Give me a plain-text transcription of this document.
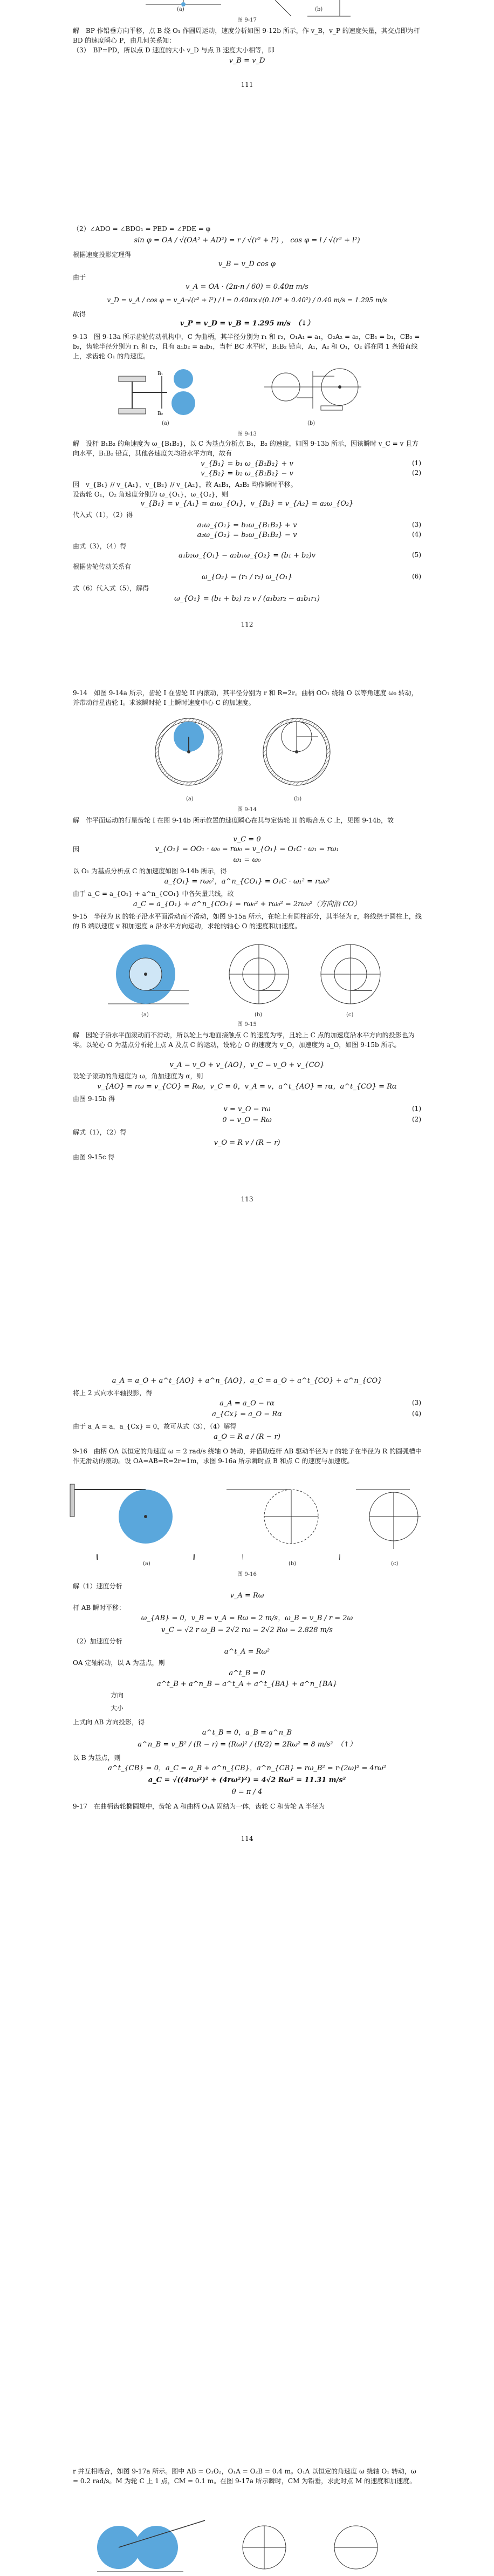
(a)	(b)
图 9-17
解　BP 作铅垂方向平移，点 B 绕 O₁ 作圆周运动，速度分析如图 9-12b 所示，作 v_B，v_P 的速度矢量，其交点即为杆 BD 的速度瞬心 P，由几何关系知：
（3）　BP=PD，所以点 D 速度的大小 v_D 与点 B 速度大小相等，即
v_B = v_D
111
（2）∠ADO = ∠BDO₁ = PED = ∠PDE = φ
sin φ = OA / √(OA² + AD²) = r / √(r² + l²) ， cos φ = l / √(r² + l²)
根据速度投影定理得
v_B = v_D cos φ
由于
v_A = OA · (2π·n / 60) = 0.40π m/s
v_D = v_A / cos φ = v_A·√(r² + l²) / l = 0.40π×√(0.10² + 0.40²) / 0.40 m/s = 1.295 m/s
故得
v_P = v_D = v_B = 1.295 m/s　（↓）
9-13　图 9-13a 所示齿轮传动机构中，C 为曲柄，其半径分别为 r₁ 和 r₂，O₁A₁ = a₁，O₂A₂ = a₂，CB₁ = b₁，CB₂ = b₂，齿轮半径分别为 r₁ 和 r₂，且有 a₁b₂ = a₂b₁，当杆 BC 水平时，B₁B₂ 铅直，A₁，A₂ 和 O₁，O₂ 都在同 1 条铅直线上，求齿轮 O₁ 的角速度。
B₁
B₂
(a)	(b)
图 9-13
解　设杆 B₁B₂ 的角速度为 ω_{B₁B₂}，以 C 为基点分析点 B₁，B₂ 的速度，如图 9-13b 所示，因该瞬时 v_C = v 且方向水平，B₁B₂ 铅直，其他各速度矢均沿水平方向，故有
v_{B₁} = b₁ ω_{B₁B₂} + v	(1)
v_{B₂} = b₂ ω_{B₁B₂} − v	(2)
因　v_{B₁} // v_{A₁}，v_{B₂} // v_{A₂}，故 A₁B₁，A₂B₂ 均作瞬时平移。
设齿轮 O₁，O₂ 角速度分别为 ω_{O₁}，ω_{O₂}，则
v_{B₁} = v_{A₁} = a₁ω_{O₁}，v_{B₂} = v_{A₂} = a₂ω_{O₂}
代入式（1），（2）得
a₁ω_{O₁} = b₁ω_{B₁B₂} + v	(3)
a₂ω_{O₂} = b₂ω_{B₁B₂} − v	(4)
由式（3），（4）得
a₁b₂ω_{O₁} − a₂b₁ω_{O₂} = (b₁ + b₂)v	(5)
根据齿轮传动关系有
ω_{O₂} = (r₁ / r₂) ω_{O₁}	(6)
式（6）代入式（5），解得
ω_{O₁} = (b₁ + b₂) r₂ v / (a₁b₂r₂ − a₂b₁r₁)
112
9-14　如图 9-14a 所示，齿轮 I 在齿轮 II 内滚动，其半径分别为 r 和 R=2r。曲柄 OO₁ 绕轴 O 以等角速度 ω₀ 转动，并带动行星齿轮 I。求该瞬时轮 I 上瞬时速度中心 C 的加速度。
(a)	(b)
图 9-14
解　作平面运动的行星齿轮 I 在图 9-14b 所示位置的速度瞬心在其与定齿轮 II 的啮合点 C 上，见图 9-14b，故
v_C = 0
因	v_{O₁} = OO₁ · ω₀ = rω₀ = v_{O₁} = O₁C · ω₁ = rω₁
ω₁ = ω₀
以 O₁ 为基点分析点 C 的加速度如图 9-14b 所示，得
a_{O₁} = rω₀²，a^n_{CO₁} = O₁C · ω₁² = rω₀²
由于 a_C = a_{O₁} + a^n_{CO₁} 中各矢量共线，故
a_C = a_{O₁} + a^n_{CO₁} = rω₀² + rω₀² = 2rω₀²（方向沿 CO）
9-15　半径为 R 的轮子沿水平面滑动而不滑动，如图 9-15a 所示，在轮上有圆柱部分，其半径为 r，将线绕于圆柱上，线的 B 端以速度 v 和加速度 a 沿水平方向运动，求轮的轴心 O 的速度和加速度。
(a)	(b)	(c)
图 9-15
解　因轮子沿水平面滚动而不滑动，所以轮上与地面接触点 C 的速度为零，且轮上 C 点的加速度沿水平方向的投影也为零。以轮心 O 为基点分析轮上点 A 及点 C 的运动，设轮心 O 的速度为 v_O，加速度为 a_O，如图 9-15b 所示。
v_A = v_O + v_{AO}，v_C = v_O + v_{CO}
设轮子滚动的角速度为 ω，角加速度为 α，则
v_{AO} = rω = v_{CO} = Rω，v_C = 0，v_A = v，a^t_{AO} = rα，a^t_{CO} = Rα
由图 9-15b 得
v = v_O − rω	(1)
0 = v_O − Rω	(2)
解式（1），（2）得
v_O = R v / (R − r)
由图 9-15c 得
113
a_A = a_O + a^t_{AO} + a^n_{AO}，a_C = a_O + a^t_{CO} + a^n_{CO}
将上 2 式向水平轴投影，得
a_A = a_O − rα	(3)
a_{Cx} = a_O − Rα	(4)
由于 a_A = a，a_{Cx} = 0，故可从式（3），（4）解得
a_O = R a / (R − r)
9-16　曲柄 OA 以恒定的角速度 ω = 2 rad/s 绕轴 O 转动，并借助连杆 AB 驱动半径为 r 的轮子在半径为 R 的圆弧槽中作无滑动的滚动。设 OA=AB=R=2r=1m，求图 9-16a 所示瞬时点 B 和点 C 的速度与加速度。
(a)	(b)	(c)
图 9-16
解（1）速度分析
v_A = Rω
杆 AB 瞬时平移：
ω_{AB} = 0，v_B = v_A = Rω = 2 m/s，ω_B = v_B / r = 2ω
v_C = √2 r ω_B = 2√2 rω = 2√2 Rω = 2.828 m/s
（2）加速度分析
a^t_A = Rω²
OA 定轴转动，以 A 为基点，则
a^t_B = 0
a^t_B + a^n_B = a^t_A + a^t_{BA} + a^n_{BA}
方向
大小
上式向 AB 方向投影，得
a^t_B = 0，a_B = a^n_B
a^n_B = v_B² / (R − r) = (Rω)² / (R/2) = 2Rω² = 8 m/s²　（↑）
以 B 为基点，则
a^t_{CB} = 0，a_C = a_B + a^n_{CB}，a^n_{CB} = rω_B² = r·(2ω)² = 4rω²
a_C = √((4rω²)² + (4rω²)²) = 4√2 Rω² = 11.31 m/s²
θ = π / 4
9-17　在曲柄齿轮椭圆规中，齿轮 A 和曲柄 O₁A 固结为一体，齿轮 C 和齿轮 A 半径为
114
r 并互相啮合，如图 9-17a 所示。图中 AB = O₁O₂，O₁A = O₂B = 0.4 m。O₁A 以恒定的角速度 ω 绕轴 O₁ 转动，ω = 0.2 rad/s。M 为轮 C 上 1 点，CM = 0.1 m。在图 9-17a 所示瞬时，CM 为铅垂，求此时点 M 的速度和加速度。
